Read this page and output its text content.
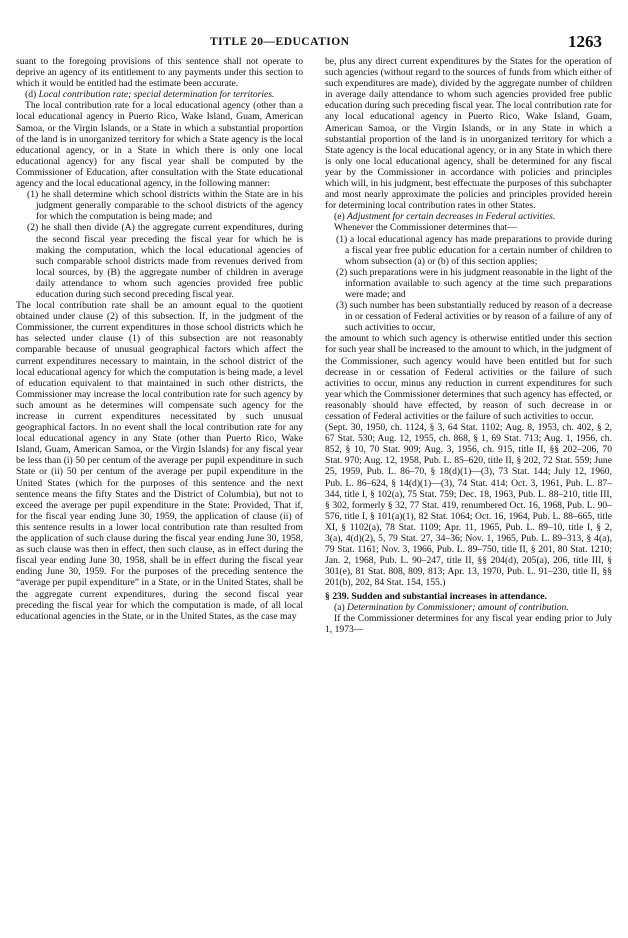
TITLE 20—EDUCATION	1263

suant to the foregoing provisions of this sentence shall not operate to deprive an agency of its entitlement to any payments under this section to which it would be entitled had the estimate been accurate.

(d) Local contribution rate; special determination for territories.

The local contribution rate for a local educational agency (other than a local educational agency in Puerto Rico, Wake Island, Guam, American Samoa, or the Virgin Islands, or a State in which a substantial proportion of the land is in unorganized territory for which a State agency is the local educational agency, or in a State in which there is only one local educational agency) for any fiscal year shall be computed by the Commissioner of Education, after consultation with the State educational agency and the local educational agency, in the following manner:

(1) he shall determine which school districts within the State are in his judgment generally comparable to the school districts of the agency for which the computation is being made; and

(2) he shall then divide (A) the aggregate current expenditures, during the second fiscal year preceding the fiscal year for which he is making the computation, which the local educational agencies of such comparable school districts made from revenues derived from local sources, by (B) the aggregate number of children in average daily attendance to whom such agencies provided free public education during such second preceding fiscal year.

The local contribution rate shall be an amount equal to the quotient obtained under clause (2) of this subsection. If, in the judgment of the Commissioner, the current expenditures in those school districts which he has selected under clause (1) of this subsection are not reasonably comparable because of unusual geographical factors which affect the current expenditures necessary to maintain, in the school district of the local educational agency for which the computation is being made, a level of education equivalent to that maintained in such other districts, the Commissioner may increase the local contribution rate for such agency by such amount as he determines will compensate such agency for the increase in current expenditures necessitated by such unusual geographical factors. In no event shall the local contribution rate for any local educational agency in any State (other than Puerto Rico, Wake Island, Guam, American Samoa, or the Virgin Islands) for any fiscal year be less than (i) 50 per centum of the average per pupil expenditure in such State or (ii) 50 per centum of the average per pupil expenditure in the United States (which for the purposes of this sentence and the next sentence means the fifty States and the District of Columbia), but not to exceed the average per pupil expenditure in the State: Provided, That if, for the fiscal year ending June 30, 1959, the application of clause (ii) of this sentence results in a lower local contribution rate than resulted from the application of such clause during the fiscal year ending June 30, 1958, as such clause was then in effect, then such clause, as in effect during the fiscal year ending June 30, 1958, shall be in effect during the fiscal year ending June 30, 1959. For the purposes of the preceding sentence the “average per pupil expenditure” in a State, or in the United States, shall be the aggregate current expenditures, during the second fiscal year preceding the fiscal year for which the computation is made, of all local educational agencies in the State, or in the United States, as the case may

be, plus any direct current expenditures by the States for the operation of such agencies (without regard to the sources of funds from which either of such expenditures are made), divided by the aggregate number of children in average daily attendance to whom such agencies provided free public education during such preceding fiscal year. The local contribution rate for any local educational agency in Puerto Rico, Wake Island, Guam, American Samoa, or the Virgin Islands, or in any State in which a substantial proportion of the land is in unorganized territory for which a State agency is the local educational agency, or in any State in which there is only one local educational agency, shall be determined for any fiscal year by the Commissioner in accordance with policies and principles which will, in his judgment, best effectuate the purposes of this subchapter and most nearly approximate the policies and principles provided herein for determining local contribution rates in other States.

(e) Adjustment for certain decreases in Federal activities.

Whenever the Commissioner determines that—

(1) a local educational agency has made preparations to provide during a fiscal year free public education for a certain number of children to whom subsection (a) or (b) of this section applies;

(2) such preparations were in his judgment reasonable in the light of the information available to such agency at the time such preparations were made; and

(3) such number has been substantially reduced by reason of a decrease in or cessation of Federal activities or by reason of a failure of any of such activities to occur,

the amount to which such agency is otherwise entitled under this section for such year shall be increased to the amount to which, in the judgment of the Commissioner, such agency would have been entitled but for such decrease in or cessation of Federal activities or the failure of such activities to occur, minus any reduction in current expenditures for such year which the Commissioner determines that such agency has effected, or reasonably should have effected, by reason of such decrease in or cessation of Federal activities or the failure of such activities to occur.

(Sept. 30, 1950, ch. 1124, § 3, 64 Stat. 1102; Aug. 8, 1953, ch. 402, § 2, 67 Stat. 530; Aug. 12, 1955, ch. 868, § 1, 69 Stat. 713; Aug. 1, 1956, ch. 852, § 10, 70 Stat. 909; Aug. 3, 1956, ch. 915, title II, §§ 202–206, 70 Stat. 970; Aug. 12, 1958, Pub. L. 85–620, title II, § 202, 72 Stat. 559; June 25, 1959, Pub. L. 86–70, § 18(d)(1)—(3), 73 Stat. 144; July 12, 1960, Pub. L. 86–624, § 14(d)(1)—(3), 74 Stat. 414; Oct. 3, 1961, Pub. L. 87–344, title I, § 102(a), 75 Stat. 759; Dec. 18, 1963, Pub. L. 88–210, title III, § 302, formerly § 32, 77 Stat. 419, renumbered Oct. 16, 1968, Pub. L. 90–576, title I, § 101(a)(1), 82 Stat. 1064; Oct. 16, 1964, Pub. L. 88–665, title XI, § 1102(a), 78 Stat. 1109; Apr. 11, 1965, Pub. L. 89–10, title I, § 2, 3(a), 4(d)(2), 5, 79 Stat. 27, 34–36; Nov. 1, 1965, Pub. L. 89–313, § 4(a), 79 Stat. 1161; Nov. 3, 1966, Pub. L. 89–750, title II, § 201, 80 Stat. 1210; Jan. 2, 1968, Pub. L. 90–247, title II, §§ 204(d), 205(a), 206, title III, § 301(e), 81 Stat. 808, 809, 813; Apr. 13, 1970, Pub. L. 91–230, title II, §§ 201(b), 202, 84 Stat. 154, 155.)

§ 239. Sudden and substantial increases in attendance.

(a) Determination by Commissioner; amount of contribution.

If the Commissioner determines for any fiscal year ending prior to July 1, 1973—
